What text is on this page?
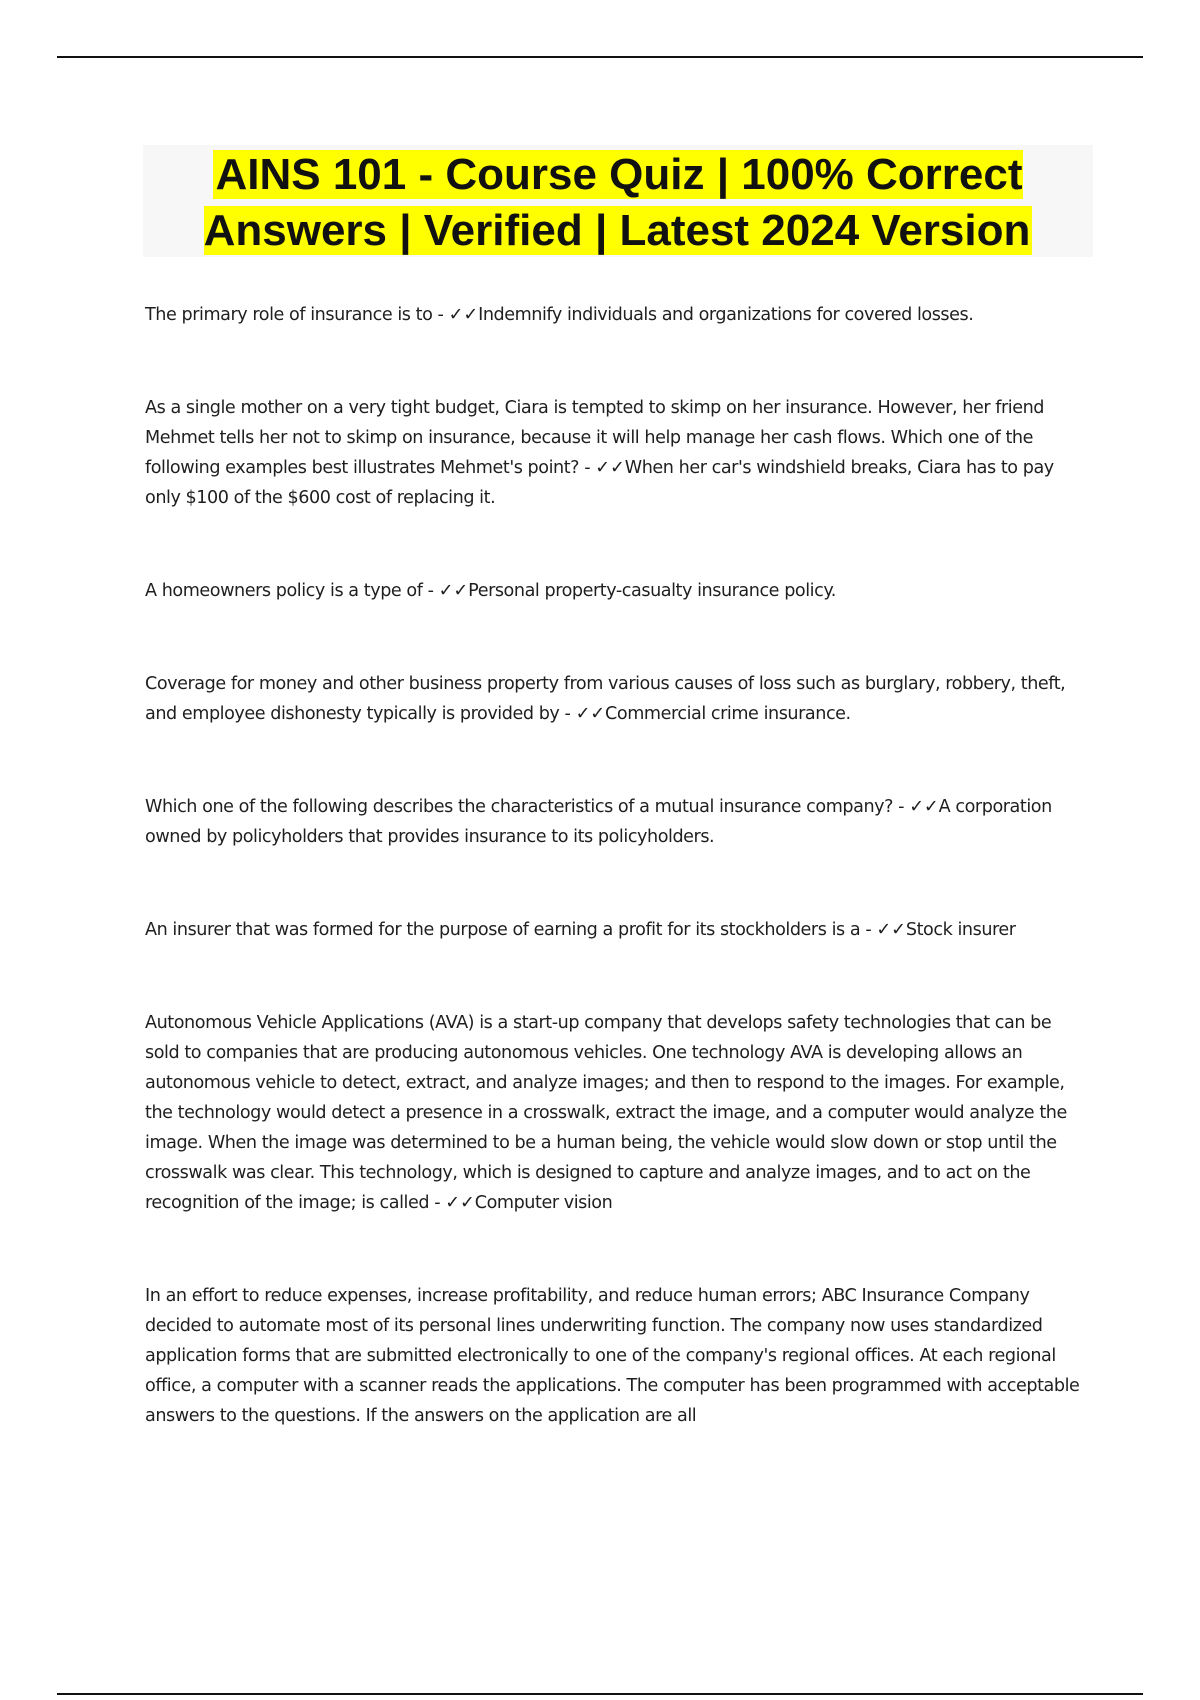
AINS 101 - Course Quiz | 100% Correct Answers | Verified | Latest 2024 Version

The primary role of insurance is to - ✓✓Indemnify individuals and organizations for covered losses.

As a single mother on a very tight budget, Ciara is tempted to skimp on her insurance. However, her friend Mehmet tells her not to skimp on insurance, because it will help manage her cash flows. Which one of the following examples best illustrates Mehmet's point? - ✓✓When her car's windshield breaks, Ciara has to pay only $100 of the $600 cost of replacing it.

A homeowners policy is a type of - ✓✓Personal property-casualty insurance policy.

Coverage for money and other business property from various causes of loss such as burglary, robbery, theft, and employee dishonesty typically is provided by - ✓✓Commercial crime insurance.

Which one of the following describes the characteristics of a mutual insurance company? - ✓✓A corporation owned by policyholders that provides insurance to its policyholders.

An insurer that was formed for the purpose of earning a profit for its stockholders is a - ✓✓Stock insurer

Autonomous Vehicle Applications (AVA) is a start-up company that develops safety technologies that can be sold to companies that are producing autonomous vehicles. One technology AVA is developing allows an autonomous vehicle to detect, extract, and analyze images; and then to respond to the images. For example, the technology would detect a presence in a crosswalk, extract the image, and a computer would analyze the image. When the image was determined to be a human being, the vehicle would slow down or stop until the crosswalk was clear. This technology, which is designed to capture and analyze images, and to act on the recognition of the image; is called - ✓✓Computer vision

In an effort to reduce expenses, increase profitability, and reduce human errors; ABC Insurance Company decided to automate most of its personal lines underwriting function. The company now uses standardized application forms that are submitted electronically to one of the company's regional offices. At each regional office, a computer with a scanner reads the applications. The computer has been programmed with acceptable answers to the questions. If the answers on the application are all
